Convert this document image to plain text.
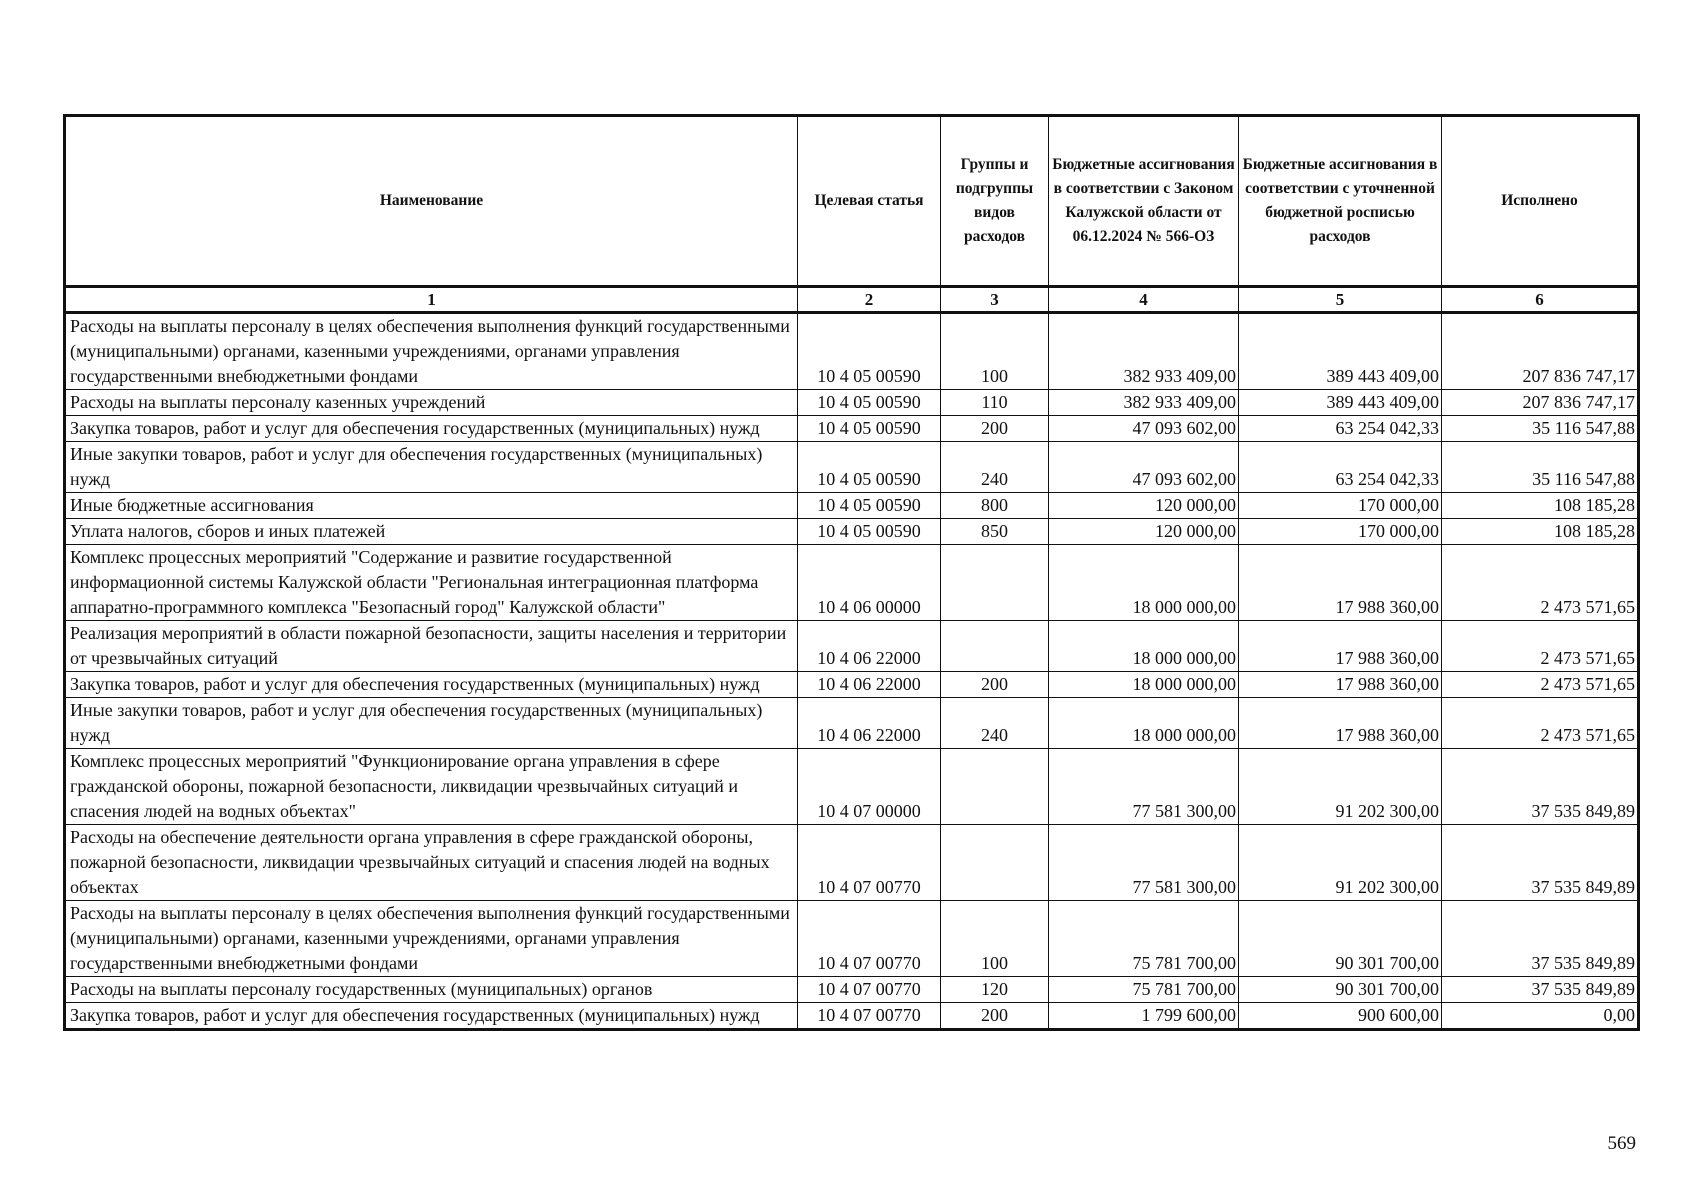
Наименование	Целевая статья	Группы и подгруппы видов расходов	Бюджетные ассигнования в соответствии с Законом Калужской области от 06.12.2024 № 566-ОЗ	Бюджетные ассигнования в соответствии с уточненной бюджетной росписью расходов	Исполнено
1	2	3	4	5	6
Расходы на выплаты персоналу в целях обеспечения выполнения функций государственными (муниципальными) органами, казенными учреждениями, органами управления государственными внебюджетными фондами	10 4 05 00590	100	382 933 409,00	389 443 409,00	207 836 747,17
Расходы на выплаты персоналу казенных учреждений	10 4 05 00590	110	382 933 409,00	389 443 409,00	207 836 747,17
Закупка товаров, работ и услуг для обеспечения государственных (муниципальных) нужд	10 4 05 00590	200	47 093 602,00	63 254 042,33	35 116 547,88
Иные закупки товаров, работ и услуг для обеспечения государственных (муниципальных) нужд	10 4 05 00590	240	47 093 602,00	63 254 042,33	35 116 547,88
Иные бюджетные ассигнования	10 4 05 00590	800	120 000,00	170 000,00	108 185,28
Уплата налогов, сборов и иных платежей	10 4 05 00590	850	120 000,00	170 000,00	108 185,28
Комплекс процессных мероприятий "Содержание и развитие государственной информационной системы Калужской области "Региональная интеграционная платформа аппаратно-программного комплекса "Безопасный город" Калужской области"	10 4 06 00000		18 000 000,00	17 988 360,00	2 473 571,65
Реализация мероприятий в области пожарной безопасности, защиты населения и территории от чрезвычайных ситуаций	10 4 06 22000		18 000 000,00	17 988 360,00	2 473 571,65
Закупка товаров, работ и услуг для обеспечения государственных (муниципальных) нужд	10 4 06 22000	200	18 000 000,00	17 988 360,00	2 473 571,65
Иные закупки товаров, работ и услуг для обеспечения государственных (муниципальных) нужд	10 4 06 22000	240	18 000 000,00	17 988 360,00	2 473 571,65
Комплекс процессных мероприятий "Функционирование органа управления в сфере гражданской обороны, пожарной безопасности, ликвидации чрезвычайных ситуаций и спасения людей на водных объектах"	10 4 07 00000		77 581 300,00	91 202 300,00	37 535 849,89
Расходы на обеспечение деятельности органа управления в сфере гражданской обороны, пожарной безопасности, ликвидации чрезвычайных ситуаций и спасения людей на водных объектах	10 4 07 00770		77 581 300,00	91 202 300,00	37 535 849,89
Расходы на выплаты персоналу в целях обеспечения выполнения функций государственными (муниципальными) органами, казенными учреждениями, органами управления государственными внебюджетными фондами	10 4 07 00770	100	75 781 700,00	90 301 700,00	37 535 849,89
Расходы на выплаты персоналу государственных (муниципальных) органов	10 4 07 00770	120	75 781 700,00	90 301 700,00	37 535 849,89
Закупка товаров, работ и услуг для обеспечения государственных (муниципальных) нужд	10 4 07 00770	200	1 799 600,00	900 600,00	0,00
569
